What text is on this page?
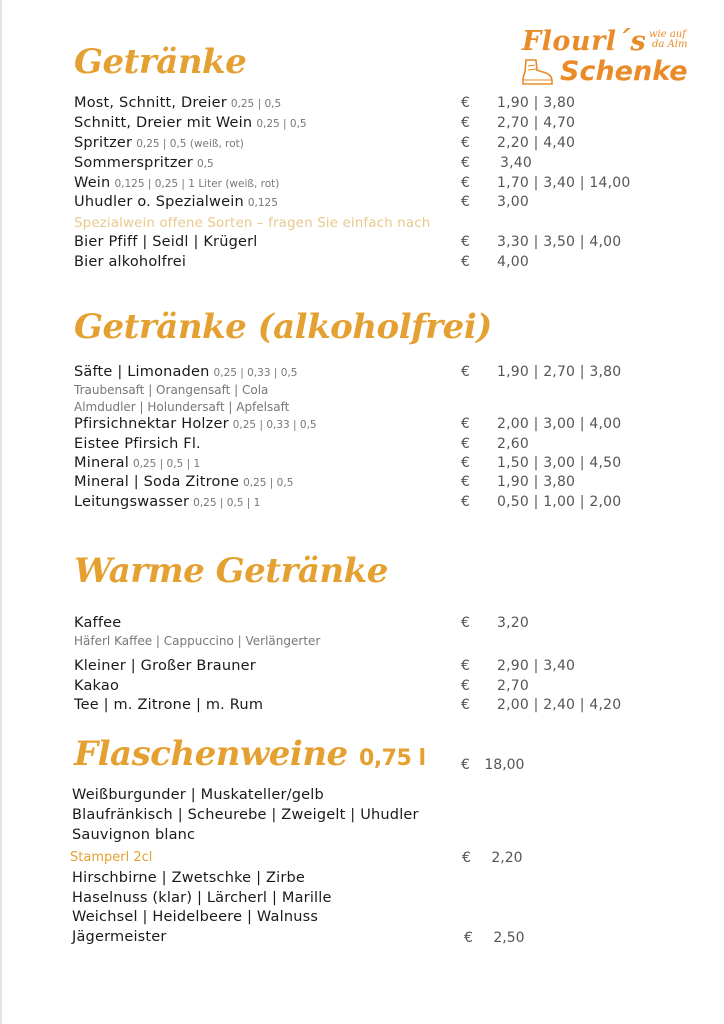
Flourl´s wie auf
da Alm
Schenke
Getränke
Most, Schnitt, Dreier 0,25 | 0,5	€ 1,90 | 3,80
Schnitt, Dreier mit Wein 0,25 | 0,5	€ 2,70 | 4,70
Spritzer 0,25 | 0,5 (weiß, rot)	€ 2,20 | 4,40
Sommerspritzer 0,5	€ 3,40
Wein 0,125 | 0,25 | 1 Liter (weiß, rot)	€ 1,70 | 3,40 | 14,00
Uhudler o. Spezialwein 0,125	€ 3,00
Spezialwein offene Sorten – fragen Sie einfach nach
Bier Pfiff | Seidl | Krügerl	€ 3,30 | 3,50 | 4,00
Bier alkoholfrei	€ 4,00
Getränke (alkoholfrei)
Säfte | Limonaden 0,25 | 0,33 | 0,5	€ 1,90 | 2,70 | 3,80
Traubensaft | Orangensaft | Cola
Almdudler | Holundersaft | Apfelsaft
Pfirsichnektar Holzer 0,25 | 0,33 | 0,5	€ 2,00 | 3,00 | 4,00
Eistee Pfirsich Fl.	€ 2,60
Mineral 0,25 | 0,5 | 1	€ 1,50 | 3,00 | 4,50
Mineral | Soda Zitrone 0,25 | 0,5	€ 1,90 | 3,80
Leitungswasser 0,25 | 0,5 | 1	€ 0,50 | 1,00 | 2,00
Warme Getränke
Kaffee	€ 3,20
Häferl Kaffee | Cappuccino | Verlängerter
Kleiner | Großer Brauner	€ 2,90 | 3,40
Kakao	€ 2,70
Tee | m. Zitrone | m. Rum	€ 2,00 | 2,40 | 4,20
Flaschenweine 0,75 l	€ 18,00
Weißburgunder | Muskateller/gelb
Blaufränkisch | Scheurebe | Zweigelt | Uhudler
Sauvignon blanc
Stamperl 2cl	€ 2,20
Hirschbirne | Zwetschke | Zirbe
Haselnuss (klar) | Lärcherl | Marille
Weichsel | Heidelbeere | Walnuss
Jägermeister	€ 2,50
